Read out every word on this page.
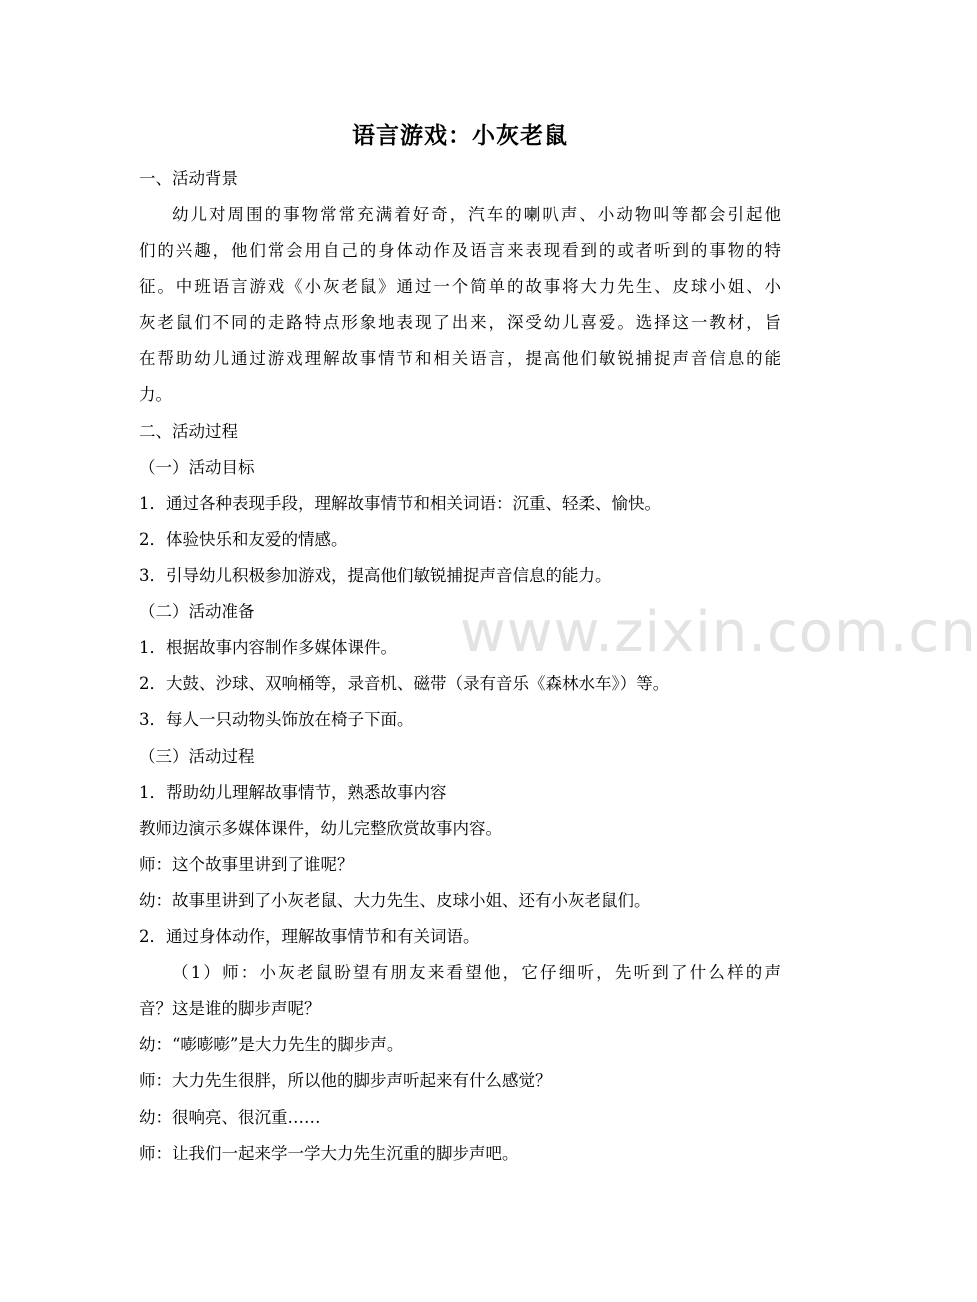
www.zixin.com.cn
语言游戏：小灰老鼠
一、活动背景
幼儿对周围的事物常常充满着好奇，汽车的喇叭声、小动物叫等都会引起他
们的兴趣，他们常会用自己的身体动作及语言来表现看到的或者听到的事物的特
征。中班语言游戏《小灰老鼠》通过一个简单的故事将大力先生、皮球小姐、小
灰老鼠们不同的走路特点形象地表现了出来，深受幼儿喜爱。选择这一教材，旨
在帮助幼儿通过游戏理解故事情节和相关语言，提高他们敏锐捕捉声音信息的能
力。
二、活动过程
（一）活动目标
1．通过各种表现手段，理解故事情节和相关词语：沉重、轻柔、愉快。
2．体验快乐和友爱的情感。
3．引导幼儿积极参加游戏，提高他们敏锐捕捉声音信息的能力。
（二）活动准备
1．根据故事内容制作多媒体课件。
2．大鼓、沙球、双响桶等，录音机、磁带（录有音乐《森林水车》）等。
3．每人一只动物头饰放在椅子下面。
（三）活动过程
1．帮助幼儿理解故事情节，熟悉故事内容
教师边演示多媒体课件，幼儿完整欣赏故事内容。
师：这个故事里讲到了谁呢？
幼：故事里讲到了小灰老鼠、大力先生、皮球小姐、还有小灰老鼠们。
2．通过身体动作，理解故事情节和有关词语。
（1）师：小灰老鼠盼望有朋友来看望他，它仔细听，先听到了什么样的声
音？这是谁的脚步声呢？
幼：“嘭嘭嘭”是大力先生的脚步声。
师：大力先生很胖，所以他的脚步声听起来有什么感觉？
幼：很响亮、很沉重……
师：让我们一起来学一学大力先生沉重的脚步声吧。
